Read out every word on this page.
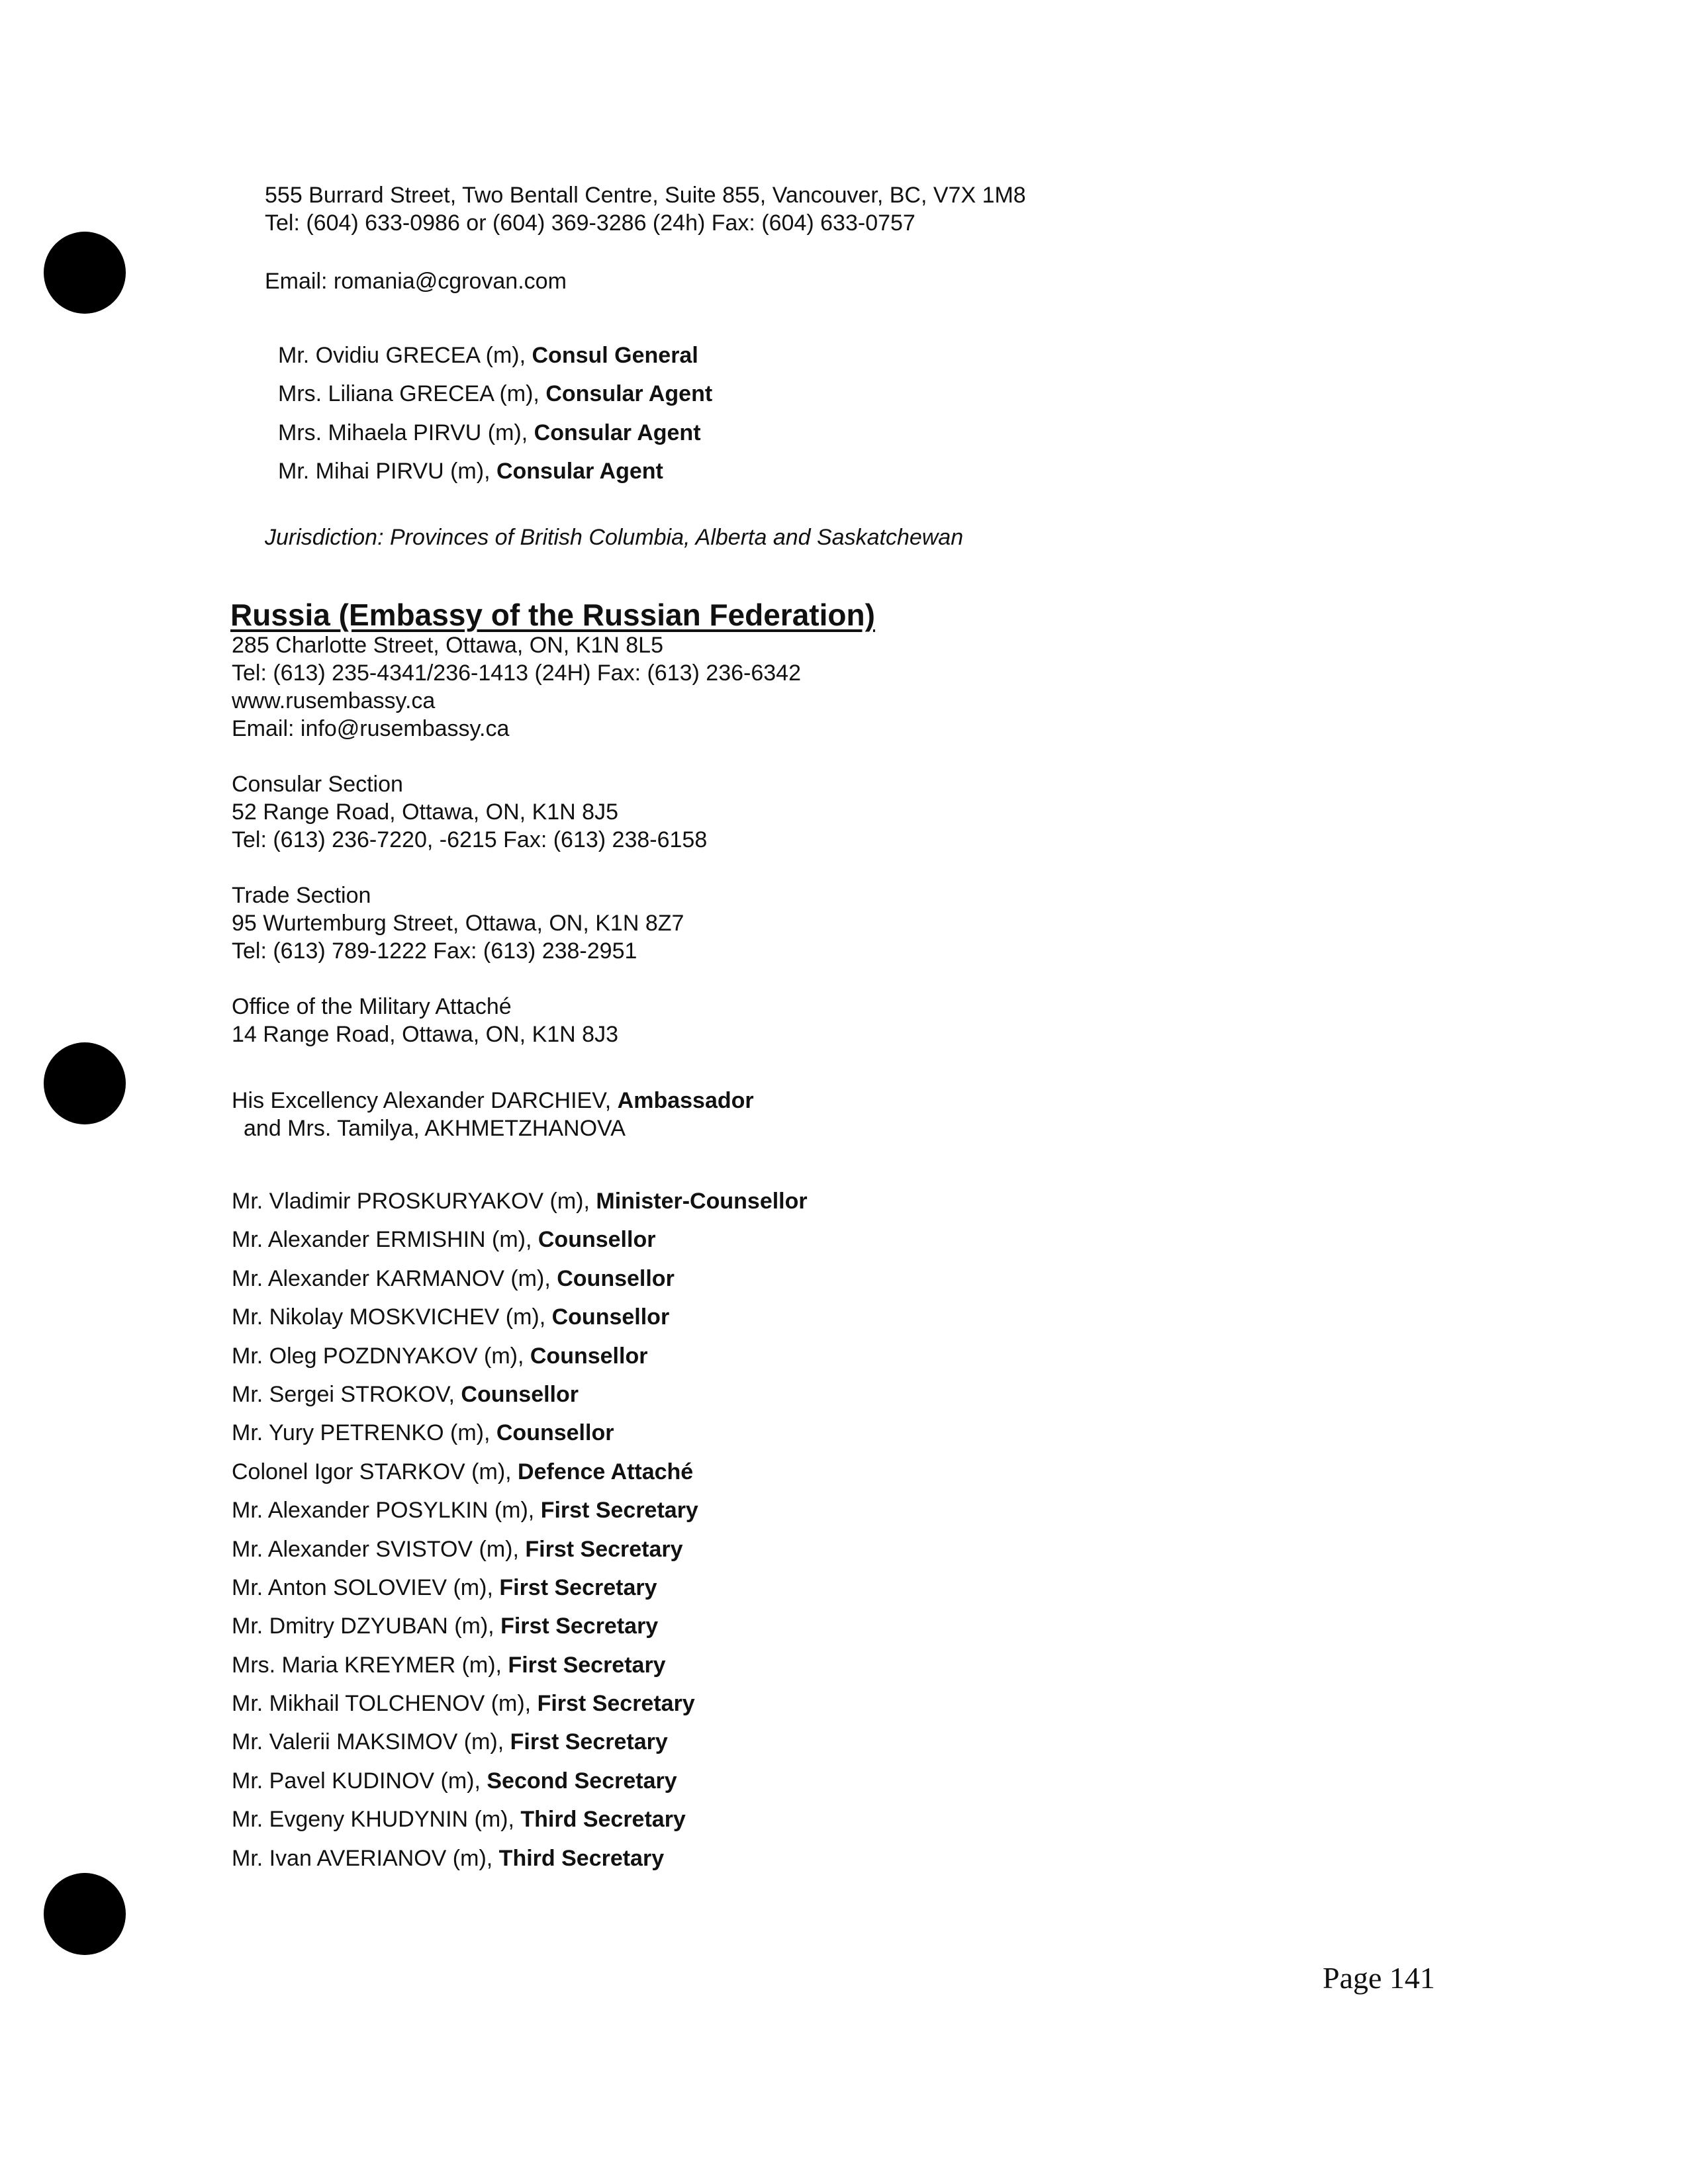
555 Burrard Street, Two Bentall Centre, Suite 855, Vancouver, BC, V7X 1M8
Tel: (604) 633-0986 or (604) 369-3286 (24h) Fax: (604) 633-0757
Email: romania@cgrovan.com
Mr. Ovidiu GRECEA (m), Consul General
Mrs. Liliana GRECEA (m), Consular Agent
Mrs. Mihaela PIRVU (m), Consular Agent
Mr. Mihai PIRVU (m), Consular Agent
Jurisdiction: Provinces of British Columbia, Alberta and Saskatchewan
Russia (Embassy of the Russian Federation)
285 Charlotte Street, Ottawa, ON, K1N 8L5
Tel: (613) 235-4341/236-1413 (24H) Fax: (613) 236-6342
www.rusembassy.ca
Email: info@rusembassy.ca
Consular Section
52 Range Road, Ottawa, ON, K1N 8J5
Tel: (613) 236-7220, -6215 Fax: (613) 238-6158
Trade Section
95 Wurtemburg Street, Ottawa, ON, K1N 8Z7
Tel: (613) 789-1222 Fax: (613) 238-2951
Office of the Military Attaché
14 Range Road, Ottawa, ON, K1N 8J3
His Excellency Alexander DARCHIEV, Ambassador
and Mrs. Tamilya, AKHMETZHANOVA
Mr. Vladimir PROSKURYAKOV (m), Minister-Counsellor
Mr. Alexander ERMISHIN (m), Counsellor
Mr. Alexander KARMANOV (m), Counsellor
Mr. Nikolay MOSKVICHEV (m), Counsellor
Mr. Oleg POZDNYAKOV (m), Counsellor
Mr. Sergei STROKOV, Counsellor
Mr. Yury PETRENKO (m), Counsellor
Colonel Igor STARKOV (m), Defence Attaché
Mr. Alexander POSYLKIN (m), First Secretary
Mr. Alexander SVISTOV (m), First Secretary
Mr. Anton SOLOVIEV (m), First Secretary
Mr. Dmitry DZYUBAN (m), First Secretary
Mrs. Maria KREYMER (m), First Secretary
Mr. Mikhail TOLCHENOV (m), First Secretary
Mr. Valerii MAKSIMOV (m), First Secretary
Mr. Pavel KUDINOV (m), Second Secretary
Mr. Evgeny KHUDYNIN (m), Third Secretary
Mr. Ivan AVERIANOV (m), Third Secretary
Page 141
